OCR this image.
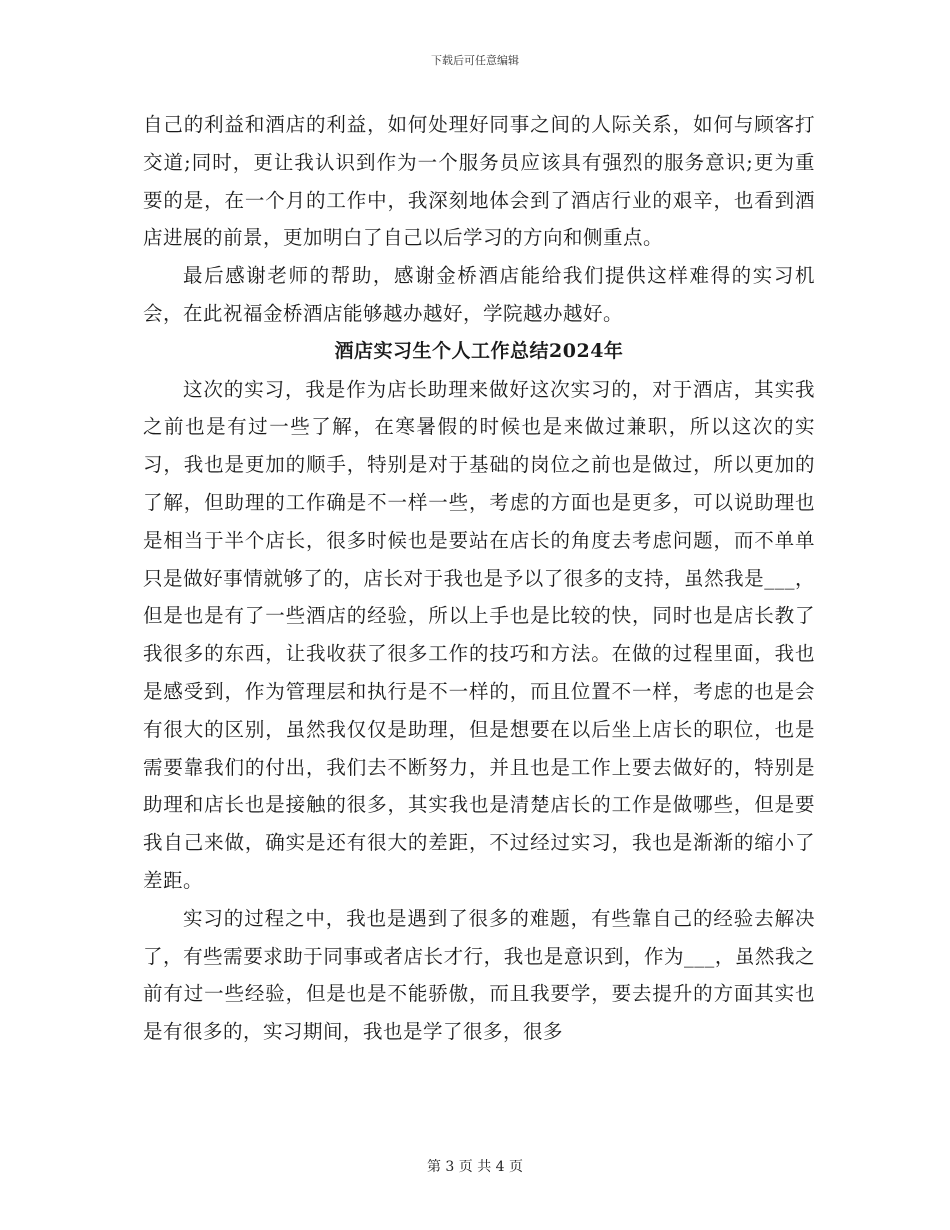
下载后可任意编辑

自己的利益和酒店的利益，如何处理好同事之间的人际关系，如何与顾客打交道;同时，更让我认识到作为一个服务员应该具有强烈的服务意识;更为重要的是，在一个月的工作中，我深刻地体会到了酒店行业的艰辛，也看到酒店进展的前景，更加明白了自己以后学习的方向和侧重点。

最后感谢老师的帮助，感谢金桥酒店能给我们提供这样难得的实习机会，在此祝福金桥酒店能够越办越好，学院越办越好。

酒店实习生个人工作总结2024年

这次的实习，我是作为店长助理来做好这次实习的，对于酒店，其实我之前也是有过一些了解，在寒暑假的时候也是来做过兼职，所以这次的实习，我也是更加的顺手，特别是对于基础的岗位之前也是做过，所以更加的了解，但助理的工作确是不一样一些，考虑的方面也是更多，可以说助理也是相当于半个店长，很多时候也是要站在店长的角度去考虑问题，而不单单只是做好事情就够了的，店长对于我也是予以了很多的支持，虽然我是___，但是也是有了一些酒店的经验，所以上手也是比较的快，同时也是店长教了我很多的东西，让我收获了很多工作的技巧和方法。在做的过程里面，我也是感受到，作为管理层和执行是不一样的，而且位置不一样，考虑的也是会有很大的区别，虽然我仅仅是助理，但是想要在以后坐上店长的职位，也是需要靠我们的付出，我们去不断努力，并且也是工作上要去做好的，特别是助理和店长也是接触的很多，其实我也是清楚店长的工作是做哪些，但是要我自己来做，确实是还有很大的差距，不过经过实习，我也是渐渐的缩小了差距。

实习的过程之中，我也是遇到了很多的难题，有些靠自己的经验去解决了，有些需要求助于同事或者店长才行，我也是意识到，作为___，虽然我之前有过一些经验，但是也是不能骄傲，而且我要学，要去提升的方面其实也是有很多的，实习期间，我也是学了很多，很多

第 3 页 共 4 页
